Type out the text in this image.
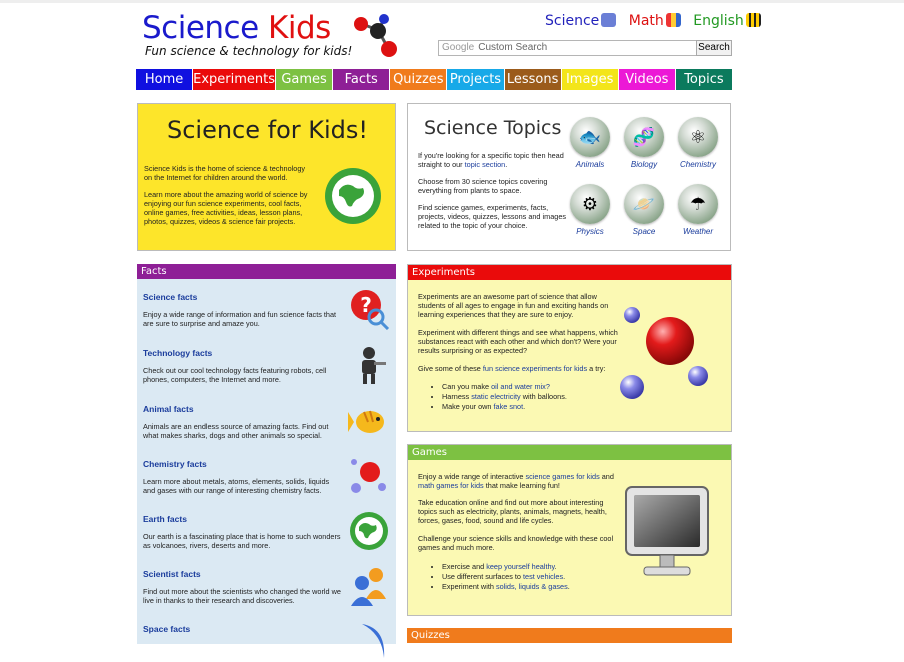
Science Kids
Fun science & technology for kids!
Science Math English
Google Custom Search	Search
Home Experiments Games	Facts	Quizzes Projects Lessons Images Videos	Topics
Science for Kids!

Science Kids is the home of science & technology on the Internet for children around the world.

Learn more about the amazing world of science by enjoying our fun science experiments, cool facts, online games, free activities, ideas, lesson plans, photos, quizzes, videos & science fair projects.

Science Topics

If you're looking for a specific topic then head straight to our topic section.

Choose from 30 science topics covering everything from plants to space.

Find science games, experiments, facts, projects, videos, quizzes, lessons and images related to the topic of your choice.

🐟
Animals
🧬
Biology
⚛
Chemistry
⚙
Physics
🪐
Space
☂
Weather
Facts
Science facts
Enjoy a wide range of information and fun science facts that are sure to surprise and amaze you.
?
Technology facts
Check out our cool technology facts featuring robots, cell phones, computers, the Internet and more.
Animal facts
Animals are an endless source of amazing facts. Find out what makes sharks, dogs and other animals so special.
Chemistry facts
Learn more about metals, atoms, elements, solids, liquids and gases with our range of interesting chemistry facts.
Earth facts
Our earth is a fascinating place that is home to such wonders as volcanoes, rivers, deserts and more.
Scientist facts
Find out more about the scientists who changed the world we live in thanks to their research and discoveries.
Space facts
Experiments

Experiments are an awesome part of science that allow students of all ages to engage in fun and exciting hands on learning experiences that they are sure to enjoy.

Experiment with different things and see what happens, which substances react with each other and which don't? Were your results surprising or as expected?

Give some of these fun science experiments for kids a try:

• Can you make oil and water mix?
• Harness static electricity with balloons.
• Make your own fake snot.
Games

Enjoy a wide range of interactive science games for kids and math games for kids that make learning fun!

Take education online and find out more about interesting topics such as electricity, plants, animals, magnets, health, forces, gases, food, sound and life cycles.

Challenge your science skills and knowledge with these cool games and much more.

• Exercise and keep yourself healthy.
• Use different surfaces to test vehicles.
• Experiment with solids, liquids & gases.
Quizzes
